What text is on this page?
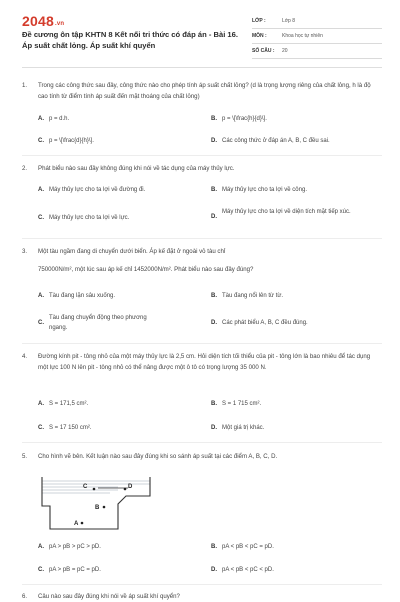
2048.vn
Đề cương ôn tập KHTN 8 Kết nối tri thức có đáp án - Bài 16. Áp suất chất lỏng. Áp suất khí quyển
LỚP :	Lớp 8
MÔN :	Khoa học tự nhiên
SỐ CÂU :	20
1. Trong các công thức sau đây, công thức nào cho phép tính áp suất chất lỏng? (d là trọng lượng riêng của chất lỏng, h là độ cao tính từ điểm tính áp suất đến mặt thoáng của chất lỏng)
A. p = d.h.	B. p = \[\frac{h}{d}\].
C. p = \[\frac{d}{h}\].	D. Các công thức ở đáp án A, B, C đều sai.
2. Phát biểu nào sau đây không đúng khi nói về tác dụng của máy thủy lực.
A. Máy thủy lực cho ta lợi về đường đi.	B. Máy thủy lực cho ta lợi về công.
C. Máy thủy lực cho ta lợi về lực.	D.
Máy thủy lực cho ta lợi về diện tích mặt tiếp xúc.
3. Một tàu ngầm đang di chuyển dưới biển. Áp kế đặt ở ngoài vỏ tàu chỉ
750000N/m², một lúc sau áp kế chỉ 1452000N/m². Phát biểu nào sau đây đúng?
A. Tàu đang lặn sâu xuống.	B. Tàu đang nổi lên từ từ.
C.
Tàu đang chuyển động theo phương ngang.
D. Các phát biểu A, B, C đều đúng.
4. Đường kính pit - tông nhỏ của một máy thủy lực là 2,5 cm. Hỏi diện tích tối thiểu của pit - tông lớn là bao nhiêu để tác dụng một lực 100 N lên pit - tông nhỏ có thể nâng được một ô tô có trọng lượng 35 000 N.
A. S = 171,5 cm².	B. S = 1 715 cm².
C. S = 17 150 cm².	D. Một giá trị khác.
5. Cho hình vẽ bên. Kết luận nào sau đây đúng khi so sánh áp suất tại các điểm A, B, C, D.
C	D
B
A
A. pA > pB > pC > pD.	B. pA < pB < pC = pD.
C. pA > pB = pC = pD.	D. pA < pB < pC < pD.
6. Câu nào sau đây đúng khi nói về áp suất khí quyển?
